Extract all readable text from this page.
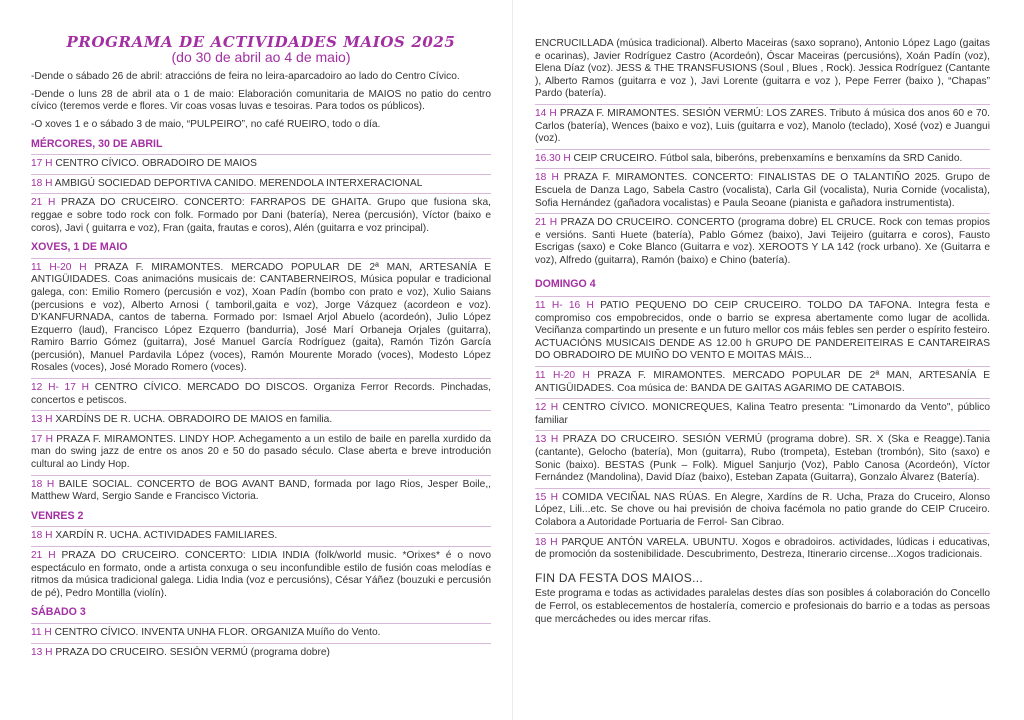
PROGRAMA DE ACTIVIDADES MAIOS 2025
(do 30 de abril ao 4 de maio)

-Dende o sábado 26 de abril: atraccións de feira no leira-aparcadoiro ao lado do Centro Cívico.

-Dende o luns 28 de abril ata o 1 de maio: Elaboración comunitaria de MAIOS no patio do centro cívico (teremos verde e flores. Vir coas vosas luvas e tesoiras. Para todos os públicos).

-O xoves 1 e o sábado 3 de maio, “PULPEIRO”, no café RUEIRO, todo o día.

MÉRCORES, 30 DE ABRIL

17 H CENTRO CÍVICO. OBRADOIRO DE MAIOS

18 H AMBIGÚ SOCIEDAD DEPORTIVA CANIDO. MERENDOLA INTERXERACIONAL

21 H PRAZA DO CRUCEIRO. CONCERTO: FARRAPOS DE GHAITA. Grupo que fusiona ska, reggae e sobre todo rock con folk. Formado por Dani (batería), Nerea (percusión), Víctor (baixo e coros), Javi ( guitarra e voz), Fran (gaita, frautas e coros), Alén (guitarra e voz principal).

XOVES, 1 DE MAIO

11 H-20 H PRAZA F. MIRAMONTES. MERCADO POPULAR DE 2ª MAN, ARTESANÍA E ANTIGÜIDADES. Coas animacións musicais de: CANTABERNEIROS, Música popular e tradicional galega, con: Emilio Romero (percusión e voz), Xoan Padín (bombo con prato e voz), Xulio Saians (percusions e voz), Alberto Arnosi ( tamboril,gaita e voz), Jorge Vázquez (acordeon e voz). D’KANFURNADA, cantos de taberna. Formado por: Ismael Arjol Abuelo (acordeón), Julio López Ezquerro (laud), Francisco López Ezquerro (bandurria), José Marí Orbaneja Orjales (guitarra), Ramiro Barrio Gómez (guitarra), José Manuel García Rodríguez (gaita), Ramón Tizón García (percusión), Manuel Pardavila López (voces), Ramón Mourente Morado (voces), Modesto López Rosales (voces), José Morado Romero (voces).

12 H- 17 H CENTRO CÍVICO. MERCADO DO DISCOS. Organiza Ferror Records. Pinchadas, concertos e petiscos.

13 H XARDÍNS DE R. UCHA. OBRADOIRO DE MAIOS en familia.

17 H PRAZA F. MIRAMONTES. LINDY HOP. Achegamento a un estilo de baile en parella xurdido da man do swing jazz de entre os anos 20 e 50 do pasado século. Clase aberta e breve introdución cultural ao Lindy Hop.

18 H BAILE SOCIAL. CONCERTO de BOG AVANT BAND, formada por Iago Rios, Jesper Boile,, Matthew Ward, Sergio Sande e Francisco Victoria.

VENRES 2

18 H XARDÍN R. UCHA. ACTIVIDADES FAMILIARES.

21 H PRAZA DO CRUCEIRO. CONCERTO: LIDIA INDIA (folk/world music. *Orixes* é o novo espectáculo en formato, onde a artista conxuga o seu inconfundible estilo de fusión coas melodías e ritmos da música tradicional galega. Lidia India (voz e percusións), César Yáñez (bouzuki e percusión de pé), Pedro Montilla (violín).

SÁBADO 3

11 H CENTRO CÍVICO. INVENTA UNHA FLOR. ORGANIZA Muíño do Vento.

13 H PRAZA DO CRUCEIRO. SESIÓN VERMÚ (programa dobre)

ENCRUCILLADA (música tradicional). Alberto Maceiras (saxo soprano), Antonio López Lago (gaitas e ocarinas), Javier Rodríguez Castro (Acordeón), Óscar Maceiras (percusións), Xoán Padín (voz), Elena Díaz (voz). JESS & THE TRANSFUSIONS (Soul , Blues , Rock). Jessica Rodríguez (Cantante ), Alberto Ramos (guitarra e voz ), Javi Lorente (guitarra e voz ), Pepe Ferrer (baixo ), “Chapas” Pardo (batería).

14 H PRAZA F. MIRAMONTES. SESIÓN VERMÚ: LOS ZARES. Tributo á música dos anos 60 e 70. Carlos (batería), Wences (baixo e voz), Luis (guitarra e voz), Manolo (teclado), Xosé (voz) e Juangui (voz).

16.30 H CEIP CRUCEIRO. Fútbol sala, biberóns, prebenxamíns e benxamíns da SRD Canido.

18 H PRAZA F. MIRAMONTES. CONCERTO: FINALISTAS DE O TALANTIÑO 2025. Grupo de Escuela de Danza Lago, Sabela Castro (vocalista), Carla Gil (vocalista), Nuria Cornide (vocalista), Sofia Hernández (gañadora vocalistas) e Paula Seoane (pianista e gañadora instrumentista).

21 H PRAZA DO CRUCEIRO. CONCERTO (programa dobre) EL CRUCE. Rock con temas propios e versións. Santi Huete (batería), Pablo Gómez (baixo), Javi Teijeiro (guitarra e coros), Fausto Escrigas (saxo) e Coke Blanco (Guitarra e voz). XEROOTS Y LA 142 (rock urbano). Xe (Guitarra e voz), Alfredo (guitarra), Ramón (baixo) e Chino (batería).

DOMINGO 4

11 H- 16 H PATIO PEQUENO DO CEIP CRUCEIRO. TOLDO DA TAFONA. Integra festa e compromiso cos empobrecidos, onde o barrio se expresa abertamente como lugar de acollida. Veciñanza compartindo un presente e un futuro mellor cos máis febles sen perder o espírito festeiro. ACTUACIÓNS MUSICAIS DENDE AS 12.00 h GRUPO DE PANDEREITEIRAS E CANTAREIRAS DO OBRADOIRO DE MUIÑO DO VENTO E MOITAS MÁIS...

11 H-20 H PRAZA F. MIRAMONTES. MERCADO POPULAR DE 2ª MAN, ARTESANÍA E ANTIGÜIDADES. Coa música de: BANDA DE GAITAS AGARIMO DE CATABOIS.

12 H CENTRO CÍVICO. MONICREQUES, Kalina Teatro presenta: "Limonardo da Vento", público familiar

13 H PRAZA DO CRUCEIRO. SESIÓN VERMÚ (programa dobre). SR. X (Ska e Reagge).Tania (cantante), Gelocho (batería), Mon (guitarra), Rubo (trompeta), Esteban (trombón), Sito (saxo) e Sonic (baixo). BESTAS (Punk – Folk). Miguel Sanjurjo (Voz), Pablo Canosa (Acordeón), Víctor Fernández (Mandolina), David Díaz (baixo), Esteban Zapata (Guitarra), Gonzalo Álvarez (Batería).

15 H COMIDA VECIÑAL NAS RÚAS. En Alegre, Xardíns de R. Ucha, Praza do Cruceiro, Alonso López, Lili...etc. Se chove ou hai previsión de choiva facémola no patio grande do CEIP Cruceiro. Colabora a Autoridade Portuaria de Ferrol- San Cibrao.

18 H PARQUE ANTÓN VARELA. UBUNTU. Xogos e obradoiros. actividades, lúdicas i educativas, de promoción da sostenibilidade. Descubrimento, Destreza, Itinerario circense...Xogos tradicionais.

FIN DA FESTA DOS MAIOS...

Este programa e todas as actividades paralelas destes días son posibles á colaboración do Concello de Ferrol, os establecementos de hostalería, comercio e profesionais do barrio e a todas as persoas que mercáchedes ou ides mercar rifas.
